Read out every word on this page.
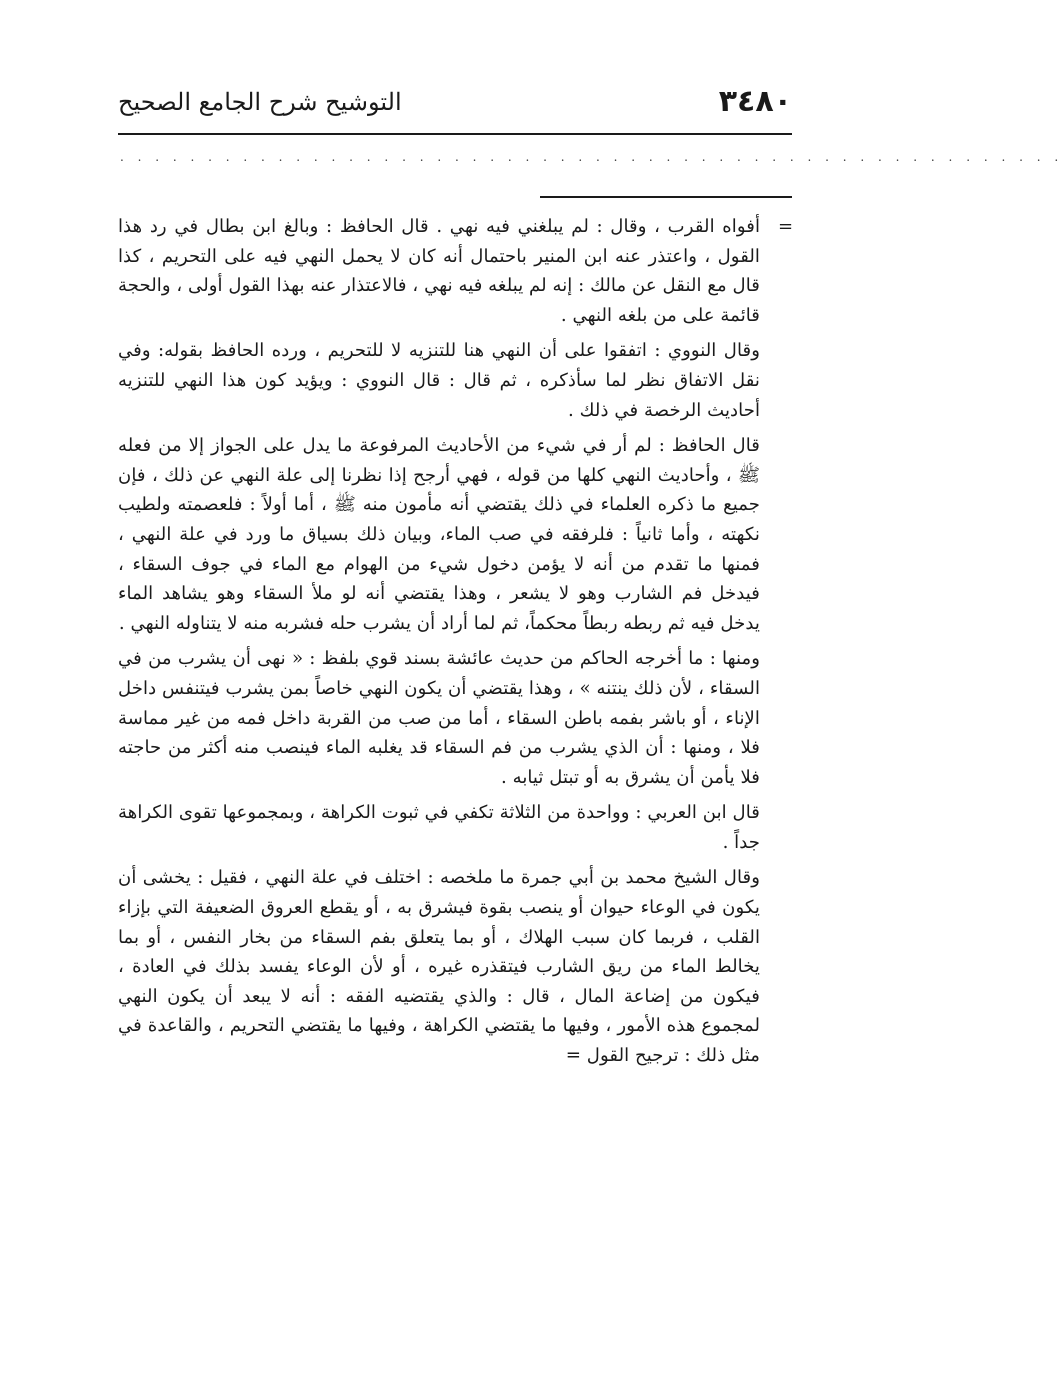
٣٤٨٠
التوشيح شرح الجامع الصحيح
. . . . . . . . . . . . . . . . . . . . . . . . . . . . . . . . . . . . . . . . . . . . . . . . . . . . . .
=

أفواه القرب ، وقال : لم يبلغني فيه نهي . قال الحافظ : وبالغ ابن بطال في رد هذا القول ، واعتذر عنه ابن المنير باحتمال أنه كان لا يحمل النهي فيه على التحريم ، كذا قال مع النقل عن مالك : إنه لم يبلغه فيه نهي ، فالاعتذار عنه بهذا القول أولى ، والحجة قائمة على من بلغه النهي .

وقال النووي : اتفقوا على أن النهي هنا للتنزيه لا للتحريم ، ورده الحافظ بقوله: وفي نقل الاتفاق نظر لما سأذكره ، ثم قال : قال النووي : ويؤيد كون هذا النهي للتنزيه أحاديث الرخصة في ذلك .

قال الحافظ : لم أر في شيء من الأحاديث المرفوعة ما يدل على الجواز إلا من فعله ﷺ ، وأحاديث النهي كلها من قوله ، فهي أرجح إذا نظرنا إلى علة النهي عن ذلك ، فإن جميع ما ذكره العلماء في ذلك يقتضي أنه مأمون منه ﷺ ، أما أولاً : فلعصمته ولطيب نكهته ، وأما ثانياً : فلرفقه في صب الماء، وبيان ذلك بسياق ما ورد في علة النهي ، فمنها ما تقدم من أنه لا يؤمن دخول شيء من الهوام مع الماء في جوف السقاء ، فيدخل فم الشارب وهو لا يشعر ، وهذا يقتضي أنه لو ملأ السقاء وهو يشاهد الماء يدخل فيه ثم ربطه ربطاً محكماً، ثم لما أراد أن يشرب حله فشربه منه لا يتناوله النهي .

ومنها : ما أخرجه الحاكم من حديث عائشة بسند قوي بلفظ : « نهى أن يشرب من في السقاء ، لأن ذلك ينتنه » ، وهذا يقتضي أن يكون النهي خاصاً بمن يشرب فيتنفس داخل الإناء ، أو باشر بفمه باطن السقاء ، أما من صب من القربة داخل فمه من غير مماسة فلا ، ومنها : أن الذي يشرب من فم السقاء قد يغلبه الماء فينصب منه أكثر من حاجته فلا يأمن أن يشرق به أو تبتل ثيابه .

قال ابن العربي : وواحدة من الثلاثة تكفي في ثبوت الكراهة ، وبمجموعها تقوى الكراهة جداً .

وقال الشيخ محمد بن أبي جمرة ما ملخصه : اختلف في علة النهي ، فقيل : يخشى أن يكون في الوعاء حيوان أو ينصب بقوة فيشرق به ، أو يقطع العروق الضعيفة التي بإزاء القلب ، فربما كان سبب الهلاك ، أو بما يتعلق بفم السقاء من بخار النفس ، أو بما يخالط الماء من ريق الشارب فيتقذره غيره ، أو لأن الوعاء يفسد بذلك في العادة ، فيكون من إضاعة المال ، قال : والذي يقتضيه الفقه : أنه لا يبعد أن يكون النهي لمجموع هذه الأمور ، وفيها ما يقتضي الكراهة ، وفيها ما يقتضي التحريم ، والقاعدة في مثل ذلك : ترجيح القول =
